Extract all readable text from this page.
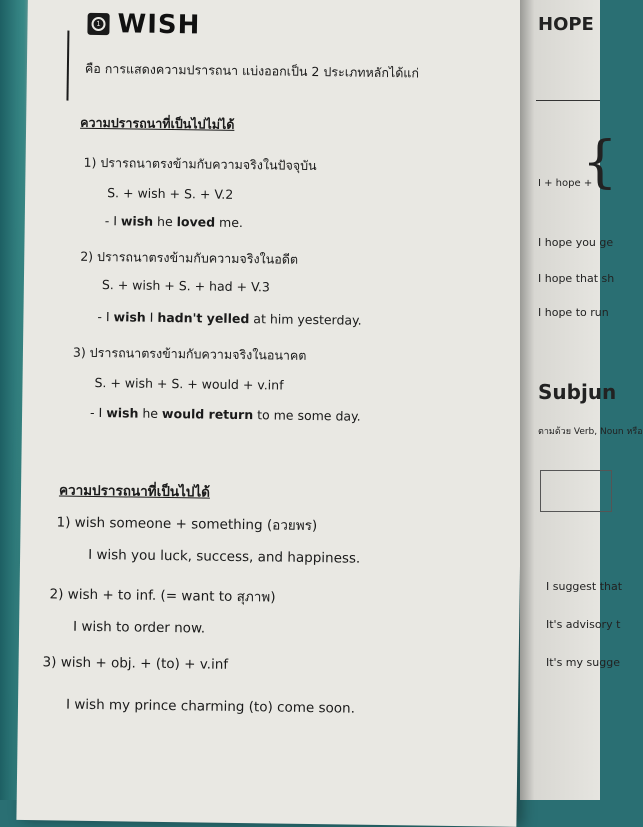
1 WISH
คือ การแสดงความปรารถนา แบ่งออกเป็น 2 ประเภทหลักได้แก่
ความปรารถนาที่เป็นไปไม่ได้
1) ปรารถนาตรงข้ามกับความจริงในปัจจุบัน
S. + wish + S. + V.2
- I wish he loved me.
2) ปรารถนาตรงข้ามกับความจริงในอดีต
S. + wish + S. + had + V.3
- I wish I hadn't yelled at him yesterday.
3) ปรารถนาตรงข้ามกับความจริงในอนาคต
S. + wish + S. + would + v.inf
- I wish he would return to me some day.
ความปรารถนาที่เป็นไปได้
1) wish someone + something (อวยพร)
I wish you luck, success, and happiness.
2) wish + to inf. (= want to สุภาพ)
I wish to order now.
3) wish + obj. + (to) + v.inf
I wish my prince charming (to) come soon.
HOPE
I + hope +
{
I hope you ge
I hope that sh
I hope to run
Subjun
ตามด้วย Verb, Noun หรือ
I suggest that
It's advisory t
It's my sugge
